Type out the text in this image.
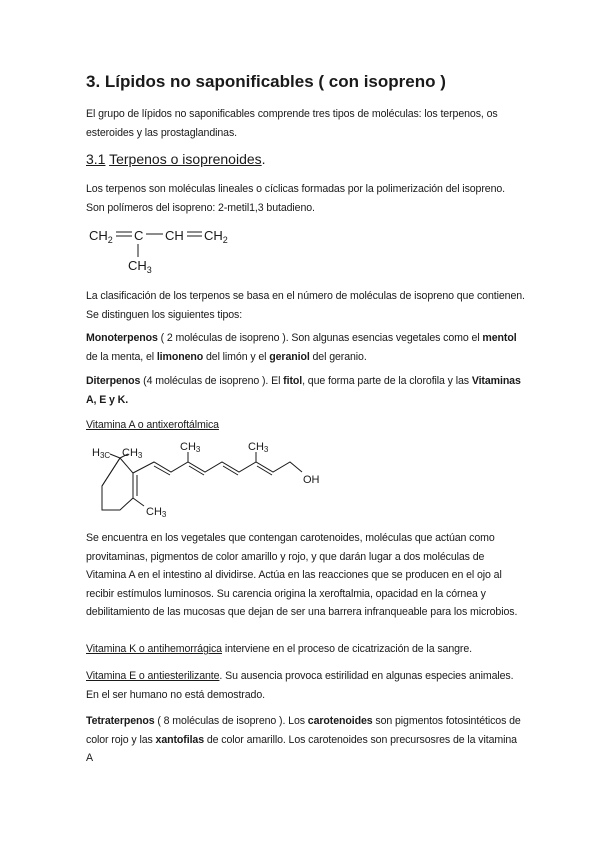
3. Lípidos no saponificables ( con isopreno )

El grupo de lípidos no saponificables comprende tres tipos de moléculas: los terpenos, os esteroides y las prostaglandinas.

3.1 Terpenos o isoprenoides.

Los terpenos son moléculas lineales o cíclicas formadas por la polimerización del isopreno. Son polímeros del isopreno: 2-metil1,3 butadieno.

$CH_2$ C CH $CH_2$
$CH_3$

La clasificación de los terpenos se basa en el número de moléculas de isopreno que contienen. Se distinguen los siguientes tipos:

Monoterpenos ( 2 moléculas de isopreno ). Son algunas esencias vegetales como el mentol de la menta, el limoneno del limón y el geraniol del geranio.

Diterpenos (4 moléculas de isopreno ). El fitol, que forma parte de la clorofila y las Vitaminas A, E y K.

Vitamina A o antixeroftálmica

H3C CH3
CH3	CH3
CH3
OH

Se encuentra en los vegetales que contengan carotenoides, moléculas que actúan como provitaminas, pigmentos de color amarillo y rojo, y que darán lugar a dos moléculas de Vitamina A en el intestino al dividirse. Actúa en las reacciones que se producen en el ojo al recibir estímulos luminosos. Su carencia origina la xeroftalmia, opacidad en la córnea y debilitamiento de las mucosas que dejan de ser una barrera infranqueable para los microbios.

Vitamina K o antihemorrágica interviene en el proceso de cicatrización de la sangre.

Vitamina E o antiesterilizante. Su ausencia provoca estirilidad en algunas especies animales. En el ser humano no está demostrado.

Tetraterpenos ( 8 moléculas de isopreno ). Los carotenoides son pigmentos fotosintéticos de color rojo y las xantofilas de color amarillo. Los carotenoides son precursosres de la vitamina A
